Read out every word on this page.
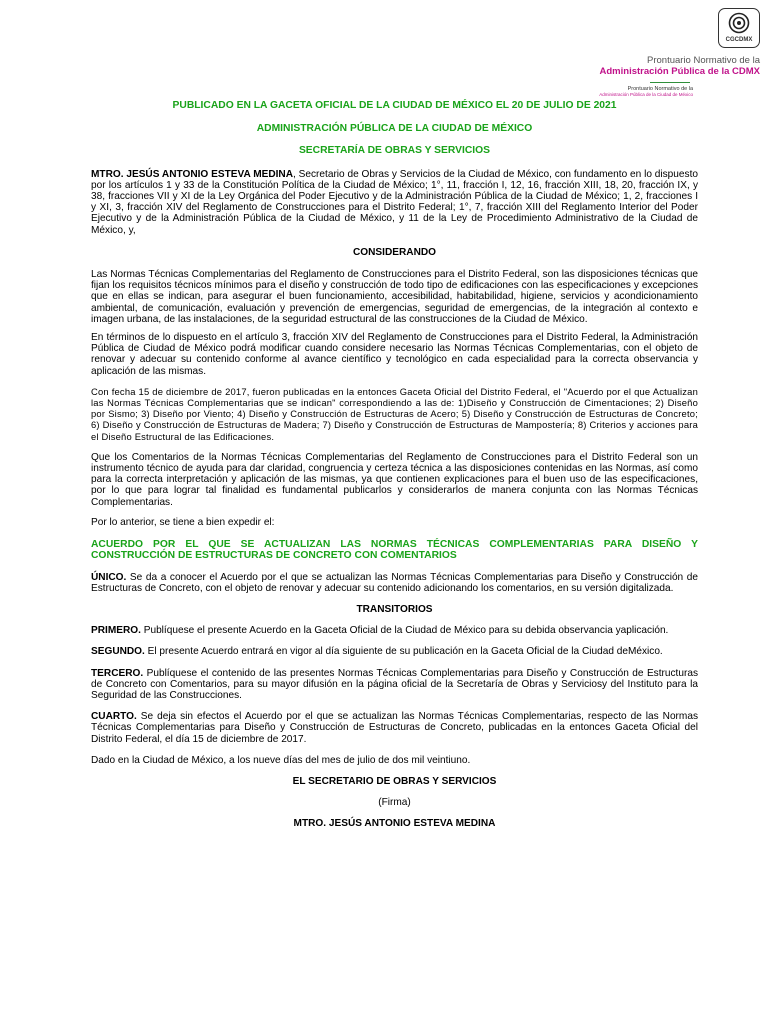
CGCDMX
Prontuario Normativo de la
Administración Pública de la CDMX
Prontuario Normativo de la
Administración Pública de la Ciudad de México

PUBLICADO EN LA GACETA OFICIAL DE LA CIUDAD DE MÉXICO EL 20 DE JULIO DE 2021

ADMINISTRACIÓN PÚBLICA DE LA CIUDAD DE MÉXICO

SECRETARÍA DE OBRAS Y SERVICIOS

MTRO. JESÚS ANTONIO ESTEVA MEDINA, Secretario de Obras y Servicios de la Ciudad de México, con fundamento en lo dispuesto por los artículos 1 y 33 de la Constitución Política de la Ciudad de México; 1°, 11, fracción I, 12, 16, fracción XIII, 18, 20, fracción IX, y 38, fracciones VII y XI de la Ley Orgánica del Poder Ejecutivo y de la Administración Pública de la Ciudad de México; 1, 2, fracciones I y XI, 3, fracción XIV del Reglamento de Construcciones para el Distrito Federal; 1°, 7, fracción XIII del Reglamento Interior del Poder Ejecutivo y de la Administración Pública de la Ciudad de México, y 11 de la Ley de Procedimiento Administrativo de la Ciudad de México, y,

CONSIDERANDO

Las Normas Técnicas Complementarias del Reglamento de Construcciones para el Distrito Federal, son las disposiciones técnicas que fijan los requisitos técnicos mínimos para el diseño y construcción de todo tipo de edificaciones con las especificaciones y excepciones que en ellas se indican, para asegurar el buen funcionamiento, accesibilidad, habitabilidad, higiene, servicios y acondicionamiento ambiental, de comunicación, evaluación y prevención de emergencias, seguridad de emergencias, de la integración al contexto e imagen urbana, de las instalaciones, de la seguridad estructural de las construcciones de la Ciudad de México.

En términos de lo dispuesto en el artículo 3, fracción XIV del Reglamento de Construcciones para el Distrito Federal, la Administración Pública de Ciudad de México podrá modificar cuando considere necesario las Normas Técnicas Complementarias, con el objeto de renovar y adecuar su contenido conforme al avance científico y tecnológico en cada especialidad para la correcta observancia y aplicación de las mismas.

Con fecha 15 de diciembre de 2017, fueron publicadas en la entonces Gaceta Oficial del Distrito Federal, el "Acuerdo por el que Actualizan las Normas Técnicas Complementarias que se indican" correspondiendo a las de: 1)Diseño y Construcción de Cimentaciones; 2) Diseño por Sismo; 3) Diseño por Viento; 4) Diseño y Construcción de Estructuras de Acero; 5) Diseño y Construcción de Estructuras de Concreto; 6) Diseño y Construcción de Estructuras de Madera; 7) Diseño y Construcción de Estructuras de Mampostería; 8) Criterios y acciones para el Diseño Estructural de las Edificaciones.

Que los Comentarios de la Normas Técnicas Complementarias del Reglamento de Construcciones para el Distrito Federal son un instrumento técnico de ayuda para dar claridad, congruencia y certeza técnica a las disposiciones contenidas en las Normas, así como para la correcta interpretación y aplicación de las mismas, ya que contienen explicaciones para el buen uso de las especificaciones, por lo que para lograr tal finalidad es fundamental publicarlos y considerarlos de manera conjunta con las Normas Técnicas Complementarias.

Por lo anterior, se tiene a bien expedir el:

ACUERDO POR EL QUE SE ACTUALIZAN LAS NORMAS TÉCNICAS COMPLEMENTARIAS PARA DISEÑO Y CONSTRUCCIÓN DE ESTRUCTURAS DE CONCRETO CON COMENTARIOS

ÚNICO. Se da a conocer el Acuerdo por el que se actualizan las Normas Técnicas Complementarias para Diseño y Construcción de Estructuras de Concreto, con el objeto de renovar y adecuar su contenido adicionando los comentarios, en su versión digitalizada.

TRANSITORIOS

PRIMERO. Publíquese el presente Acuerdo en la Gaceta Oficial de la Ciudad de México para su debida observancia yaplicación.

SEGUNDO. El presente Acuerdo entrará en vigor al día siguiente de su publicación en la Gaceta Oficial de la Ciudad deMéxico.

TERCERO. Publíquese el contenido de las presentes Normas Técnicas Complementarias para Diseño y Construcción de Estructuras de Concreto con Comentarios, para su mayor difusión en la página oficial de la Secretaría de Obras y Serviciosy del Instituto para la Seguridad de las Construcciones.

CUARTO. Se deja sin efectos el Acuerdo por el que se actualizan las Normas Técnicas Complementarias, respecto de las Normas Técnicas Complementarias para Diseño y Construcción de Estructuras de Concreto, publicadas en la entonces Gaceta Oficial del Distrito Federal, el día 15 de diciembre de 2017.

Dado en la Ciudad de México, a los nueve días del mes de julio de dos mil veintiuno.

EL SECRETARIO DE OBRAS Y SERVICIOS

(Firma)

MTRO. JESÚS ANTONIO ESTEVA MEDINA
